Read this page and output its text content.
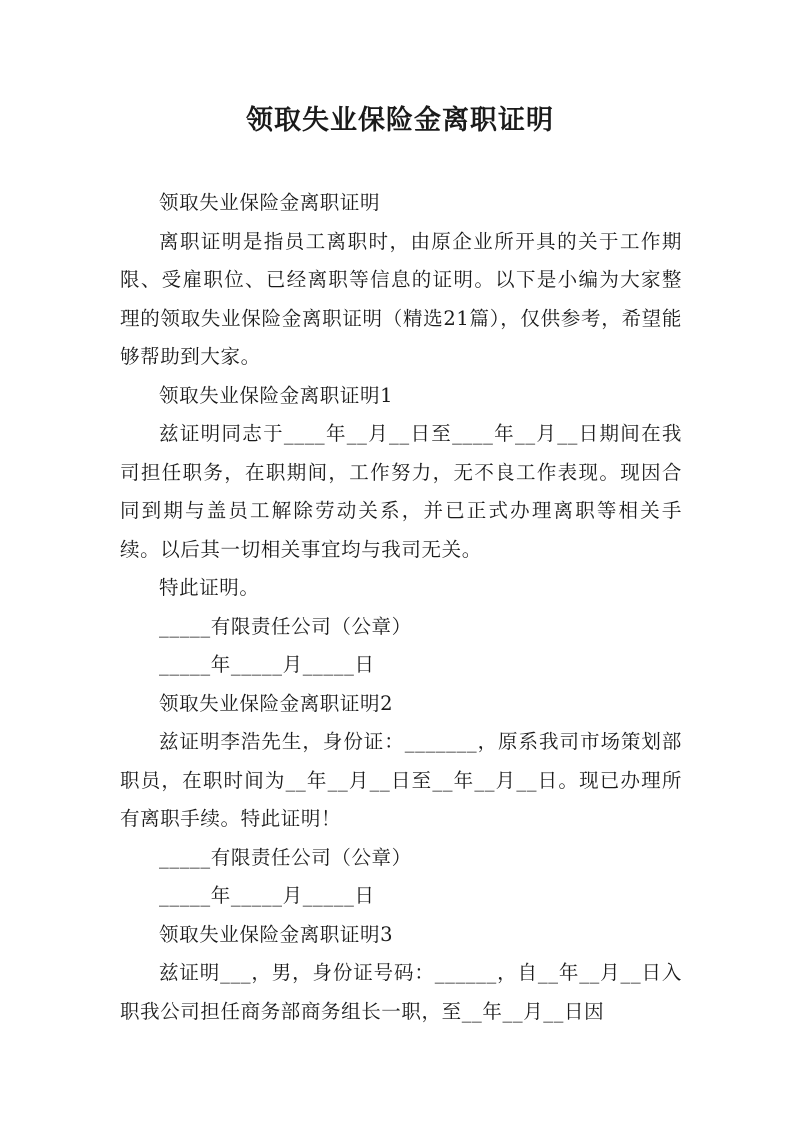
领取失业保险金离职证明

领取失业保险金离职证明

离职证明是指员工离职时，由原企业所开具的关于工作期限、受雇职位、已经离职等信息的证明。以下是小编为大家整理的领取失业保险金离职证明（精选21篇），仅供参考，希望能够帮助到大家。

领取失业保险金离职证明1

兹证明同志于____年__月__日至____年__月__日期间在我司担任职务，在职期间，工作努力，无不良工作表现。现因合同到期与盖员工解除劳动关系，并已正式办理离职等相关手续。以后其一切相关事宜均与我司无关。

特此证明。

_____有限责任公司（公章）

_____年_____月_____日

领取失业保险金离职证明2

兹证明李浩先生，身份证：_______，原系我司市场策划部职员，在职时间为__年__月__日至__年__月__日。现已办理所有离职手续。特此证明！

_____有限责任公司（公章）

_____年_____月_____日

领取失业保险金离职证明3

兹证明___，男，身份证号码：______，自__年__月__日入职我公司担任商务部商务组长一职，至__年__月__日因
